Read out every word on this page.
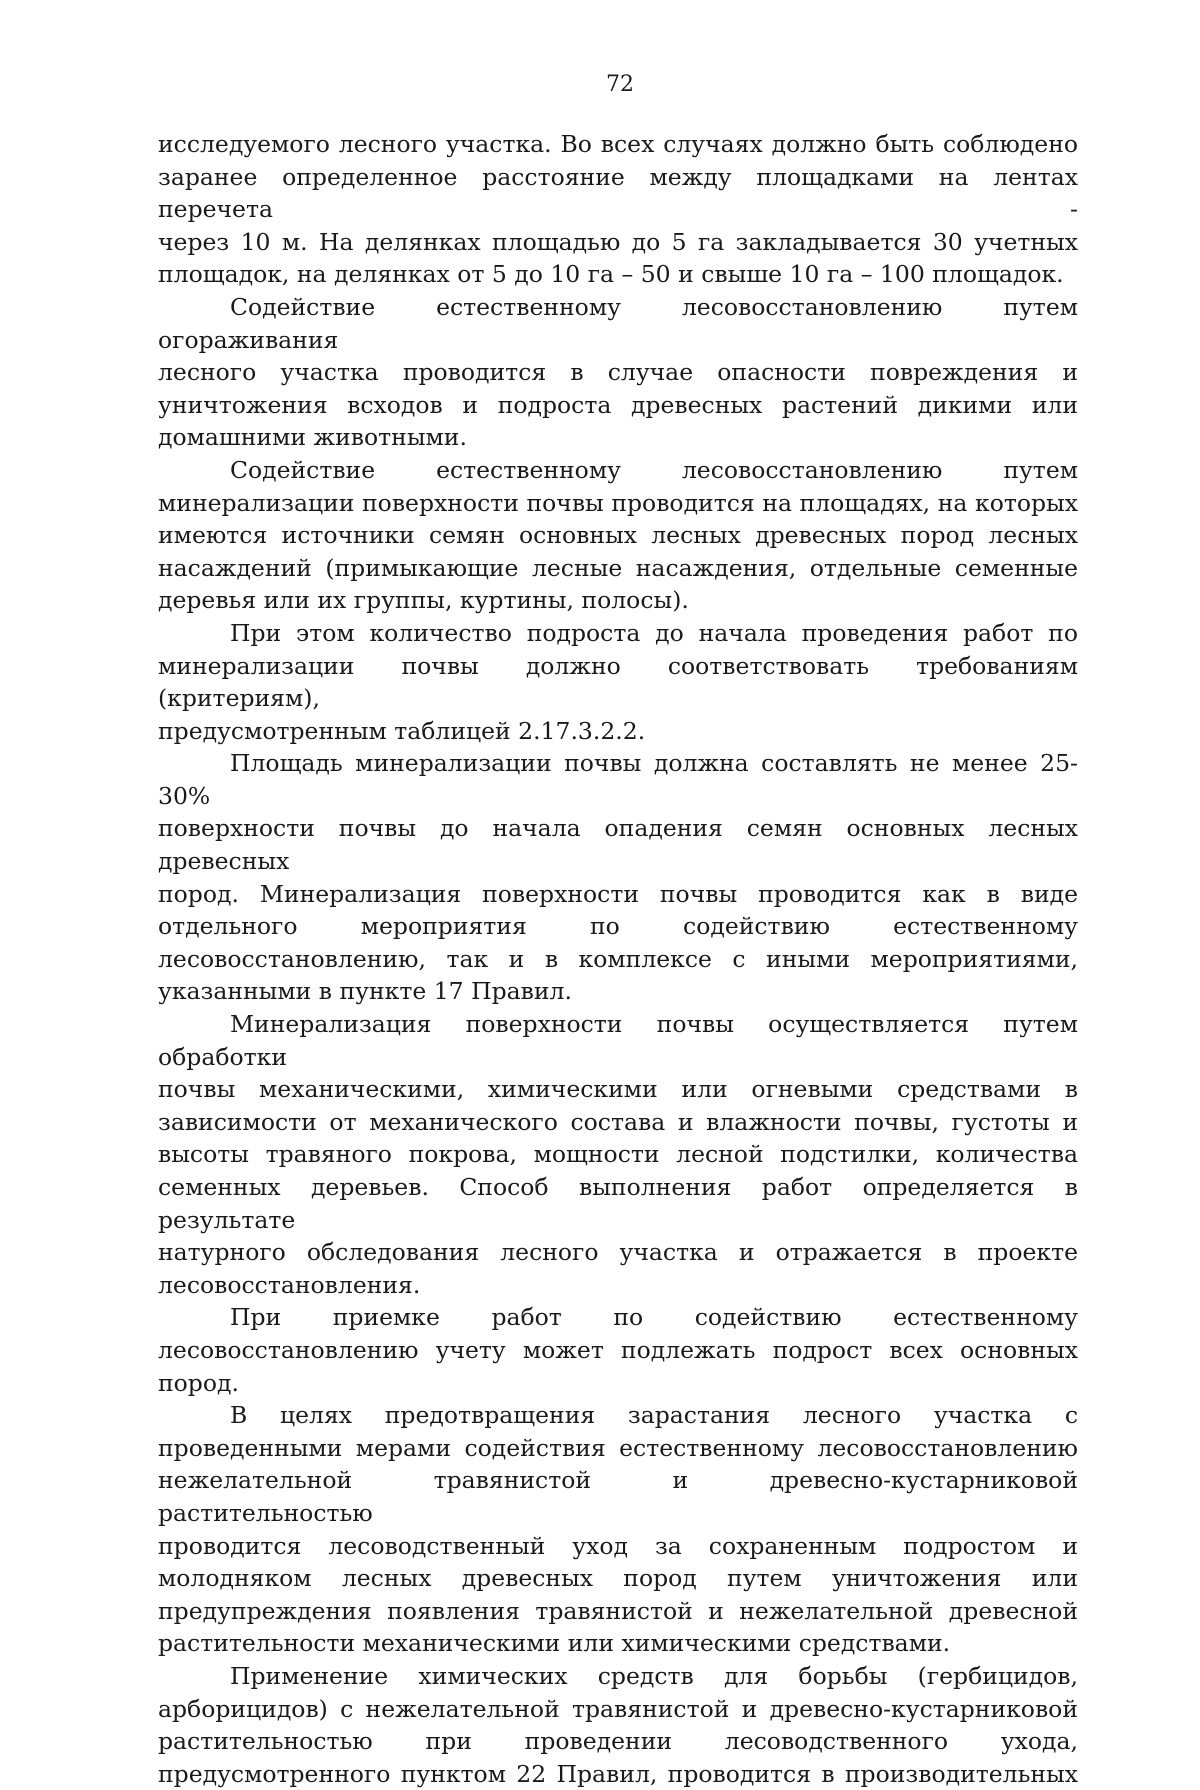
72

исследуемого лесного участка. Во всех случаях должно быть соблюдено
заранее определенное расстояние между площадками на лентах перечета -
через 10 м. На делянках площадью до 5 га закладывается 30 учетных
площадок, на делянках от 5 до 10 га – 50 и свыше 10 га – 100 площадок.

Содействие естественному лесовосстановлению путем огораживания
лесного участка проводится в случае опасности повреждения и
уничтожения всходов и подроста древесных растений дикими или
домашними животными.

Содействие естественному лесовосстановлению путем
минерализации поверхности почвы проводится на площадях, на которых
имеются источники семян основных лесных древесных пород лесных
насаждений (примыкающие лесные насаждения, отдельные семенные
деревья или их группы, куртины, полосы).

При этом количество подроста до начала проведения работ по
минерализации почвы должно соответствовать требованиям (критериям),
предусмотренным таблицей 2.17.3.2.2.

Площадь минерализации почвы должна составлять не менее 25-30%
поверхности почвы до начала опадения семян основных лесных древесных
пород. Минерализация поверхности почвы проводится как в виде
отдельного мероприятия по содействию естественному
лесовосстановлению, так и в комплексе с иными мероприятиями,
указанными в пункте 17 Правил.

Минерализация поверхности почвы осуществляется путем обработки
почвы механическими, химическими или огневыми средствами в
зависимости от механического состава и влажности почвы, густоты и
высоты травяного покрова, мощности лесной подстилки, количества
семенных деревьев. Способ выполнения работ определяется в результате
натурного обследования лесного участка и отражается в проекте
лесовосстановления.

При приемке работ по содействию естественному
лесовосстановлению учету может подлежать подрост всех основных
пород.

В целях предотвращения зарастания лесного участка с
проведенными мерами содействия естественному лесовосстановлению
нежелательной травянистой и древесно-кустарниковой растительностью
проводится лесоводственный уход за сохраненным подростом и
молодняком лесных древесных пород путем уничтожения или
предупреждения появления травянистой и нежелательной древесной
растительности механическими или химическими средствами.

Применение химических средств для борьбы (гербицидов,
арборицидов) с нежелательной травянистой и древесно-кустарниковой
растительностью при проведении лесоводственного ухода,
предусмотренного пунктом 22 Правил, проводится в производительных
